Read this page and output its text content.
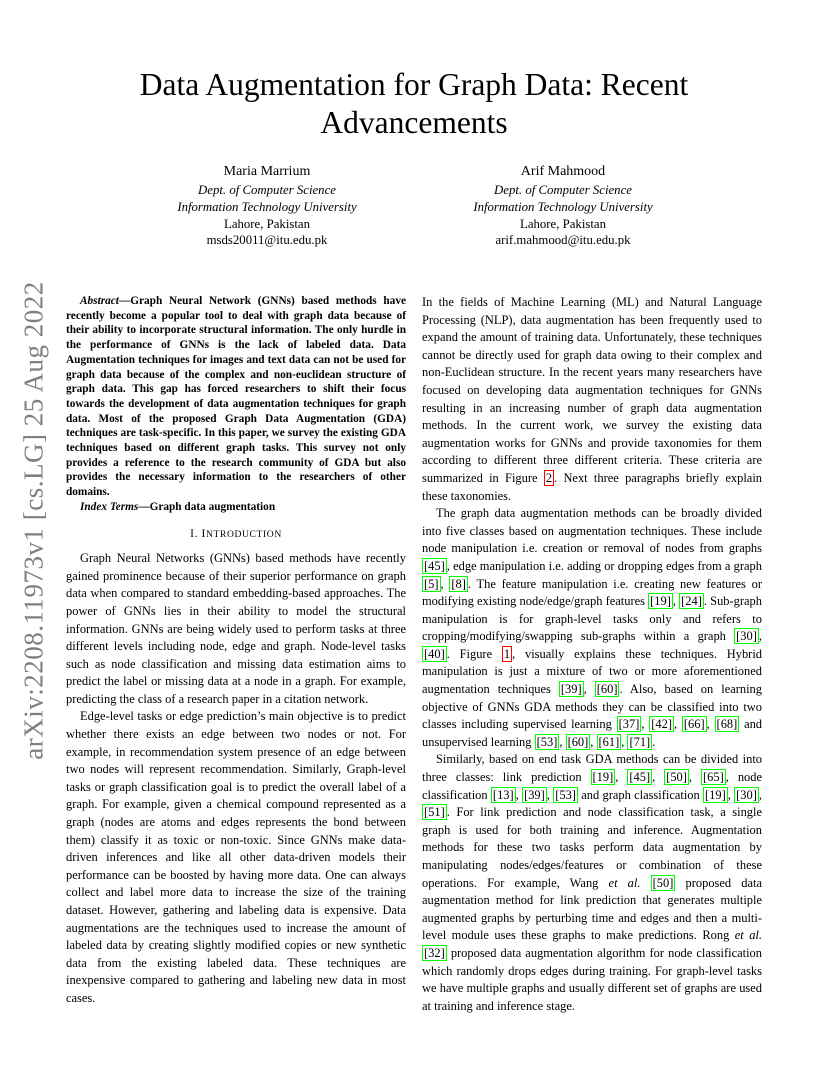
arXiv:2208.11973v1 [cs.LG] 25 Aug 2022
Data Augmentation for Graph Data: Recent Advancements
Maria Marrium
Dept. of Computer Science
Information Technology University
Lahore, Pakistan
msds20011@itu.edu.pk
Arif Mahmood
Dept. of Computer Science
Information Technology University
Lahore, Pakistan
arif.mahmood@itu.edu.pk

Abstract—Graph Neural Network (GNNs) based methods have recently become a popular tool to deal with graph data because of their ability to incorporate structural information. The only hurdle in the performance of GNNs is the lack of labeled data. Data Augmentation techniques for images and text data can not be used for graph data because of the complex and non-euclidean structure of graph data. This gap has forced researchers to shift their focus towards the development of data augmentation techniques for graph data. Most of the proposed Graph Data Augmentation (GDA) techniques are task-specific. In this paper, we survey the existing GDA techniques based on different graph tasks. This survey not only provides a reference to the research community of GDA but also provides the necessary information to the researchers of other domains.

Index Terms—Graph data augmentation

I. INTRODUCTION

Graph Neural Networks (GNNs) based methods have recently gained prominence because of their superior performance on graph data when compared to standard embedding-based approaches. The power of GNNs lies in their ability to model the structural information. GNNs are being widely used to perform tasks at three different levels including node, edge and graph. Node-level tasks such as node classification and missing data estimation aims to predict the label or missing data at a node in a graph. For example, predicting the class of a research paper in a citation network.

Edge-level tasks or edge prediction’s main objective is to predict whether there exists an edge between two nodes or not. For example, in recommendation system presence of an edge between two nodes will represent recommendation. Similarly, Graph-level tasks or graph classification goal is to predict the overall label of a graph. For example, given a chemical compound represented as a graph (nodes are atoms and edges represents the bond between them) classify it as toxic or non-toxic. Since GNNs make data-driven inferences and like all other data-driven models their performance can be boosted by having more data. One can always collect and label more data to increase the size of the training dataset. However, gathering and labeling data is expensive. Data augmentations are the techniques used to increase the amount of labeled data by creating slightly modified copies or new synthetic data from the existing labeled data. These techniques are inexpensive compared to gathering and labeling new data in most cases.

In the fields of Machine Learning (ML) and Natural Language Processing (NLP), data augmentation has been frequently used to expand the amount of training data. Unfortunately, these techniques cannot be directly used for graph data owing to their complex and non-Euclidean structure. In the recent years many researchers have focused on developing data augmentation techniques for GNNs resulting in an increasing number of graph data augmentation methods. In the current work, we survey the existing data augmentation works for GNNs and provide taxonomies for them according to different three different criteria. These criteria are summarized in Figure 2 . Next three paragraphs briefly explain these taxonomies.

The graph data augmentation methods can be broadly divided into five classes based on augmentation techniques. These include node manipulation i.e. creation or removal of nodes from graphs [45] , edge manipulation i.e. adding or dropping edges from a graph [5] , [8] . The feature manipulation i.e. creating new features or modifying existing node/edge/graph features [19] , [24] . Sub-graph manipulation is for graph-level tasks only and refers to cropping/modifying/swapping sub-graphs within a graph [30] , [40] . Figure 1 , visually explains these techniques. Hybrid manipulation is just a mixture of two or more aforementioned augmentation techniques [39] , [60] . Also, based on learning objective of GNNs GDA methods they can be classified into two classes including supervised learning [37] , [42] , [66] , [68] and unsupervised learning [53] , [60] , [61] , [71] .

Similarly, based on end task GDA methods can be divided into three classes: link prediction [19] , [45] , [50] , [65] , node classification [13] , [39] , [53] and graph classification [19] , [30] , [51] . For link prediction and node classification task, a single graph is used for both training and inference. Augmentation methods for these two tasks perform data augmentation by manipulating nodes/edges/features or combination of these operations. For example, Wang et al. [50] proposed data augmentation method for link prediction that generates multiple augmented graphs by perturbing time and edges and then a multi-level module uses these graphs to make predictions. Rong et al. [32] proposed data augmentation algorithm for node classification which randomly drops edges during training. For graph-level tasks we have multiple graphs and usually different set of graphs are used at training and inference stage.
